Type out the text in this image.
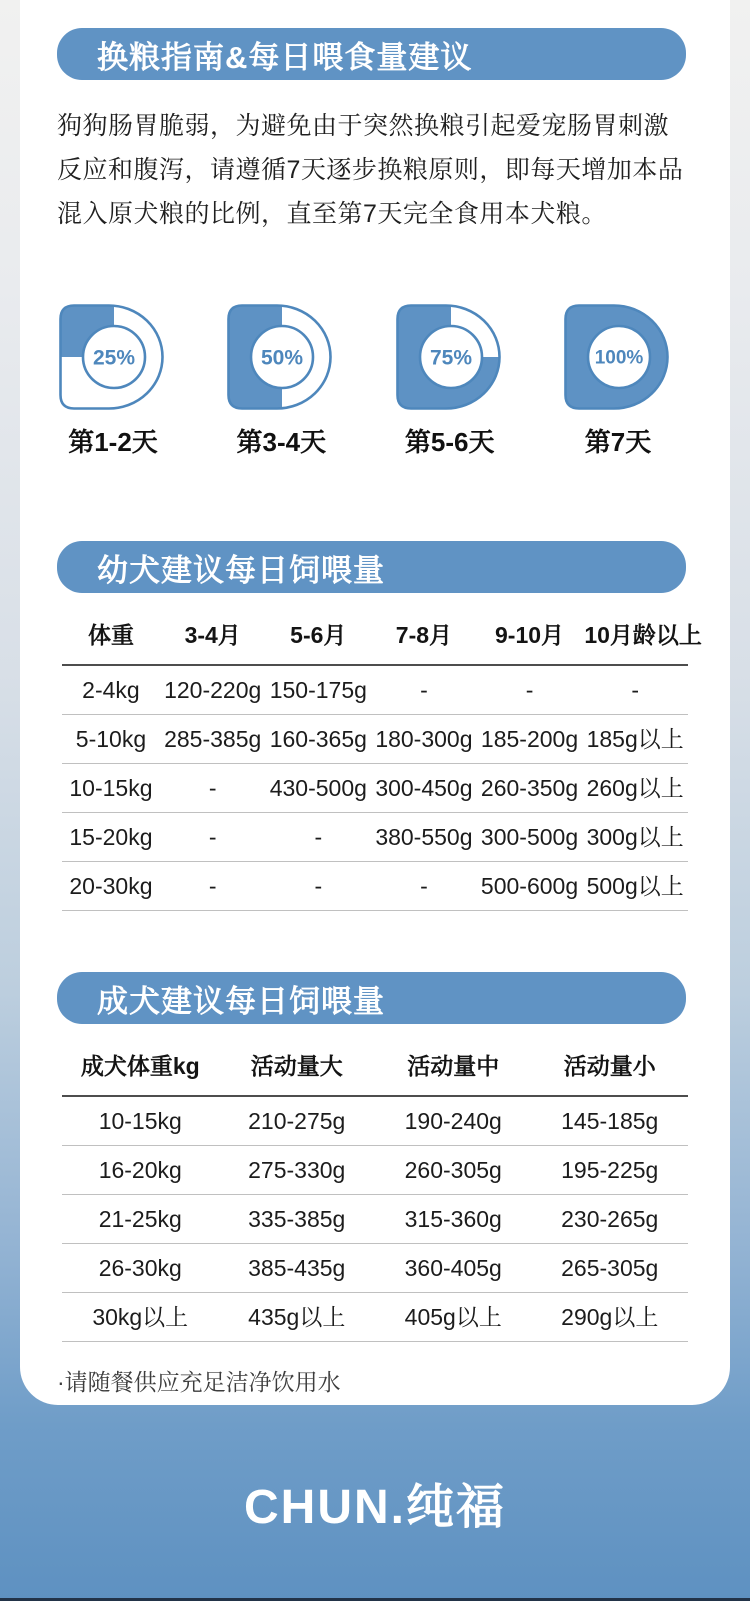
换粮指南&每日喂食量建议

狗狗肠胃脆弱，为避免由于突然换粮引起爱宠肠胃刺激反应和腹泻，请遵循7天逐步换粮原则，即每天增加本品混入原犬粮的比例，直至第7天完全食用本犬粮。

25%
第1-2天
50%
第3-4天
75%
第5-6天
100%
第7天
幼犬建议每日饲喂量
体重	3-4月	5-6月	7-8月	9-10月	10月龄以上
2-4kg	120-220g	150-175g	-	-	-
5-10kg	285-385g	160-365g	180-300g	185-200g	185g以上
10-15kg	-	430-500g	300-450g	260-350g	260g以上
15-20kg	-	-	380-550g	300-500g	300g以上
20-30kg	-	-	-	500-600g	500g以上
成犬建议每日饲喂量
成犬体重kg	活动量大	活动量中	活动量小
10-15kg	210-275g	190-240g	145-185g
16-20kg	275-330g	260-305g	195-225g
21-25kg	335-385g	315-360g	230-265g
26-30kg	385-435g	360-405g	265-305g
30kg以上	435g以上	405g以上	290g以上

·请随餐供应充足洁净饮用水

CHUN.纯福
